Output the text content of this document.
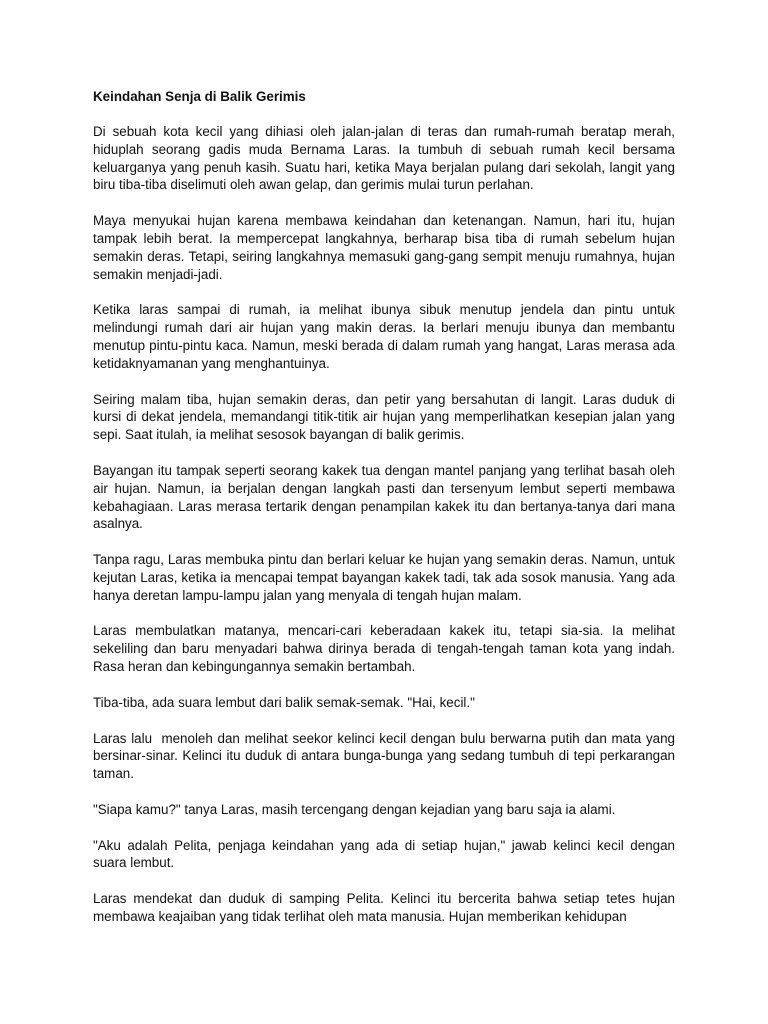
Keindahan Senja di Balik Gerimis

Di sebuah kota kecil yang dihiasi oleh jalan-jalan di teras dan rumah-rumah beratap merah, hiduplah seorang gadis muda Bernama Laras. Ia tumbuh di sebuah rumah kecil bersama keluarganya yang penuh kasih. Suatu hari, ketika Maya berjalan pulang dari sekolah, langit yang biru tiba-tiba diselimuti oleh awan gelap, dan gerimis mulai turun perlahan.

Maya menyukai hujan karena membawa keindahan dan ketenangan. Namun, hari itu, hujan tampak lebih berat. Ia mempercepat langkahnya, berharap bisa tiba di rumah sebelum hujan semakin deras. Tetapi, seiring langkahnya memasuki gang-gang sempit menuju rumahnya, hujan semakin menjadi-jadi.

Ketika laras sampai di rumah, ia melihat ibunya sibuk menutup jendela dan pintu untuk melindungi rumah dari air hujan yang makin deras. Ia berlari menuju ibunya dan membantu menutup pintu-pintu kaca. Namun, meski berada di dalam rumah yang hangat, Laras merasa ada ketidaknyamanan yang menghantuinya.

Seiring malam tiba, hujan semakin deras, dan petir yang bersahutan di langit. Laras duduk di kursi di dekat jendela, memandangi titik-titik air hujan yang memperlihatkan kesepian jalan yang sepi. Saat itulah, ia melihat sesosok bayangan di balik gerimis.

Bayangan itu tampak seperti seorang kakek tua dengan mantel panjang yang terlihat basah oleh air hujan. Namun, ia berjalan dengan langkah pasti dan tersenyum lembut seperti membawa kebahagiaan. Laras merasa tertarik dengan penampilan kakek itu dan bertanya-tanya dari mana asalnya.

Tanpa ragu, Laras membuka pintu dan berlari keluar ke hujan yang semakin deras. Namun, untuk kejutan Laras, ketika ia mencapai tempat bayangan kakek tadi, tak ada sosok manusia. Yang ada hanya deretan lampu-lampu jalan yang menyala di tengah hujan malam.

Laras membulatkan matanya, mencari-cari keberadaan kakek itu, tetapi sia-sia. Ia melihat sekeliling dan baru menyadari bahwa dirinya berada di tengah-tengah taman kota yang indah. Rasa heran dan kebingungannya semakin bertambah.

Tiba-tiba, ada suara lembut dari balik semak-semak. "Hai, kecil."

Laras lalu  menoleh dan melihat seekor kelinci kecil dengan bulu berwarna putih dan mata yang bersinar-sinar. Kelinci itu duduk di antara bunga-bunga yang sedang tumbuh di tepi perkarangan taman.

"Siapa kamu?" tanya Laras, masih tercengang dengan kejadian yang baru saja ia alami.

"Aku adalah Pelita, penjaga keindahan yang ada di setiap hujan," jawab kelinci kecil dengan suara lembut.

Laras mendekat dan duduk di samping Pelita. Kelinci itu bercerita bahwa setiap tetes hujan membawa keajaiban yang tidak terlihat oleh mata manusia. Hujan memberikan kehidupan
